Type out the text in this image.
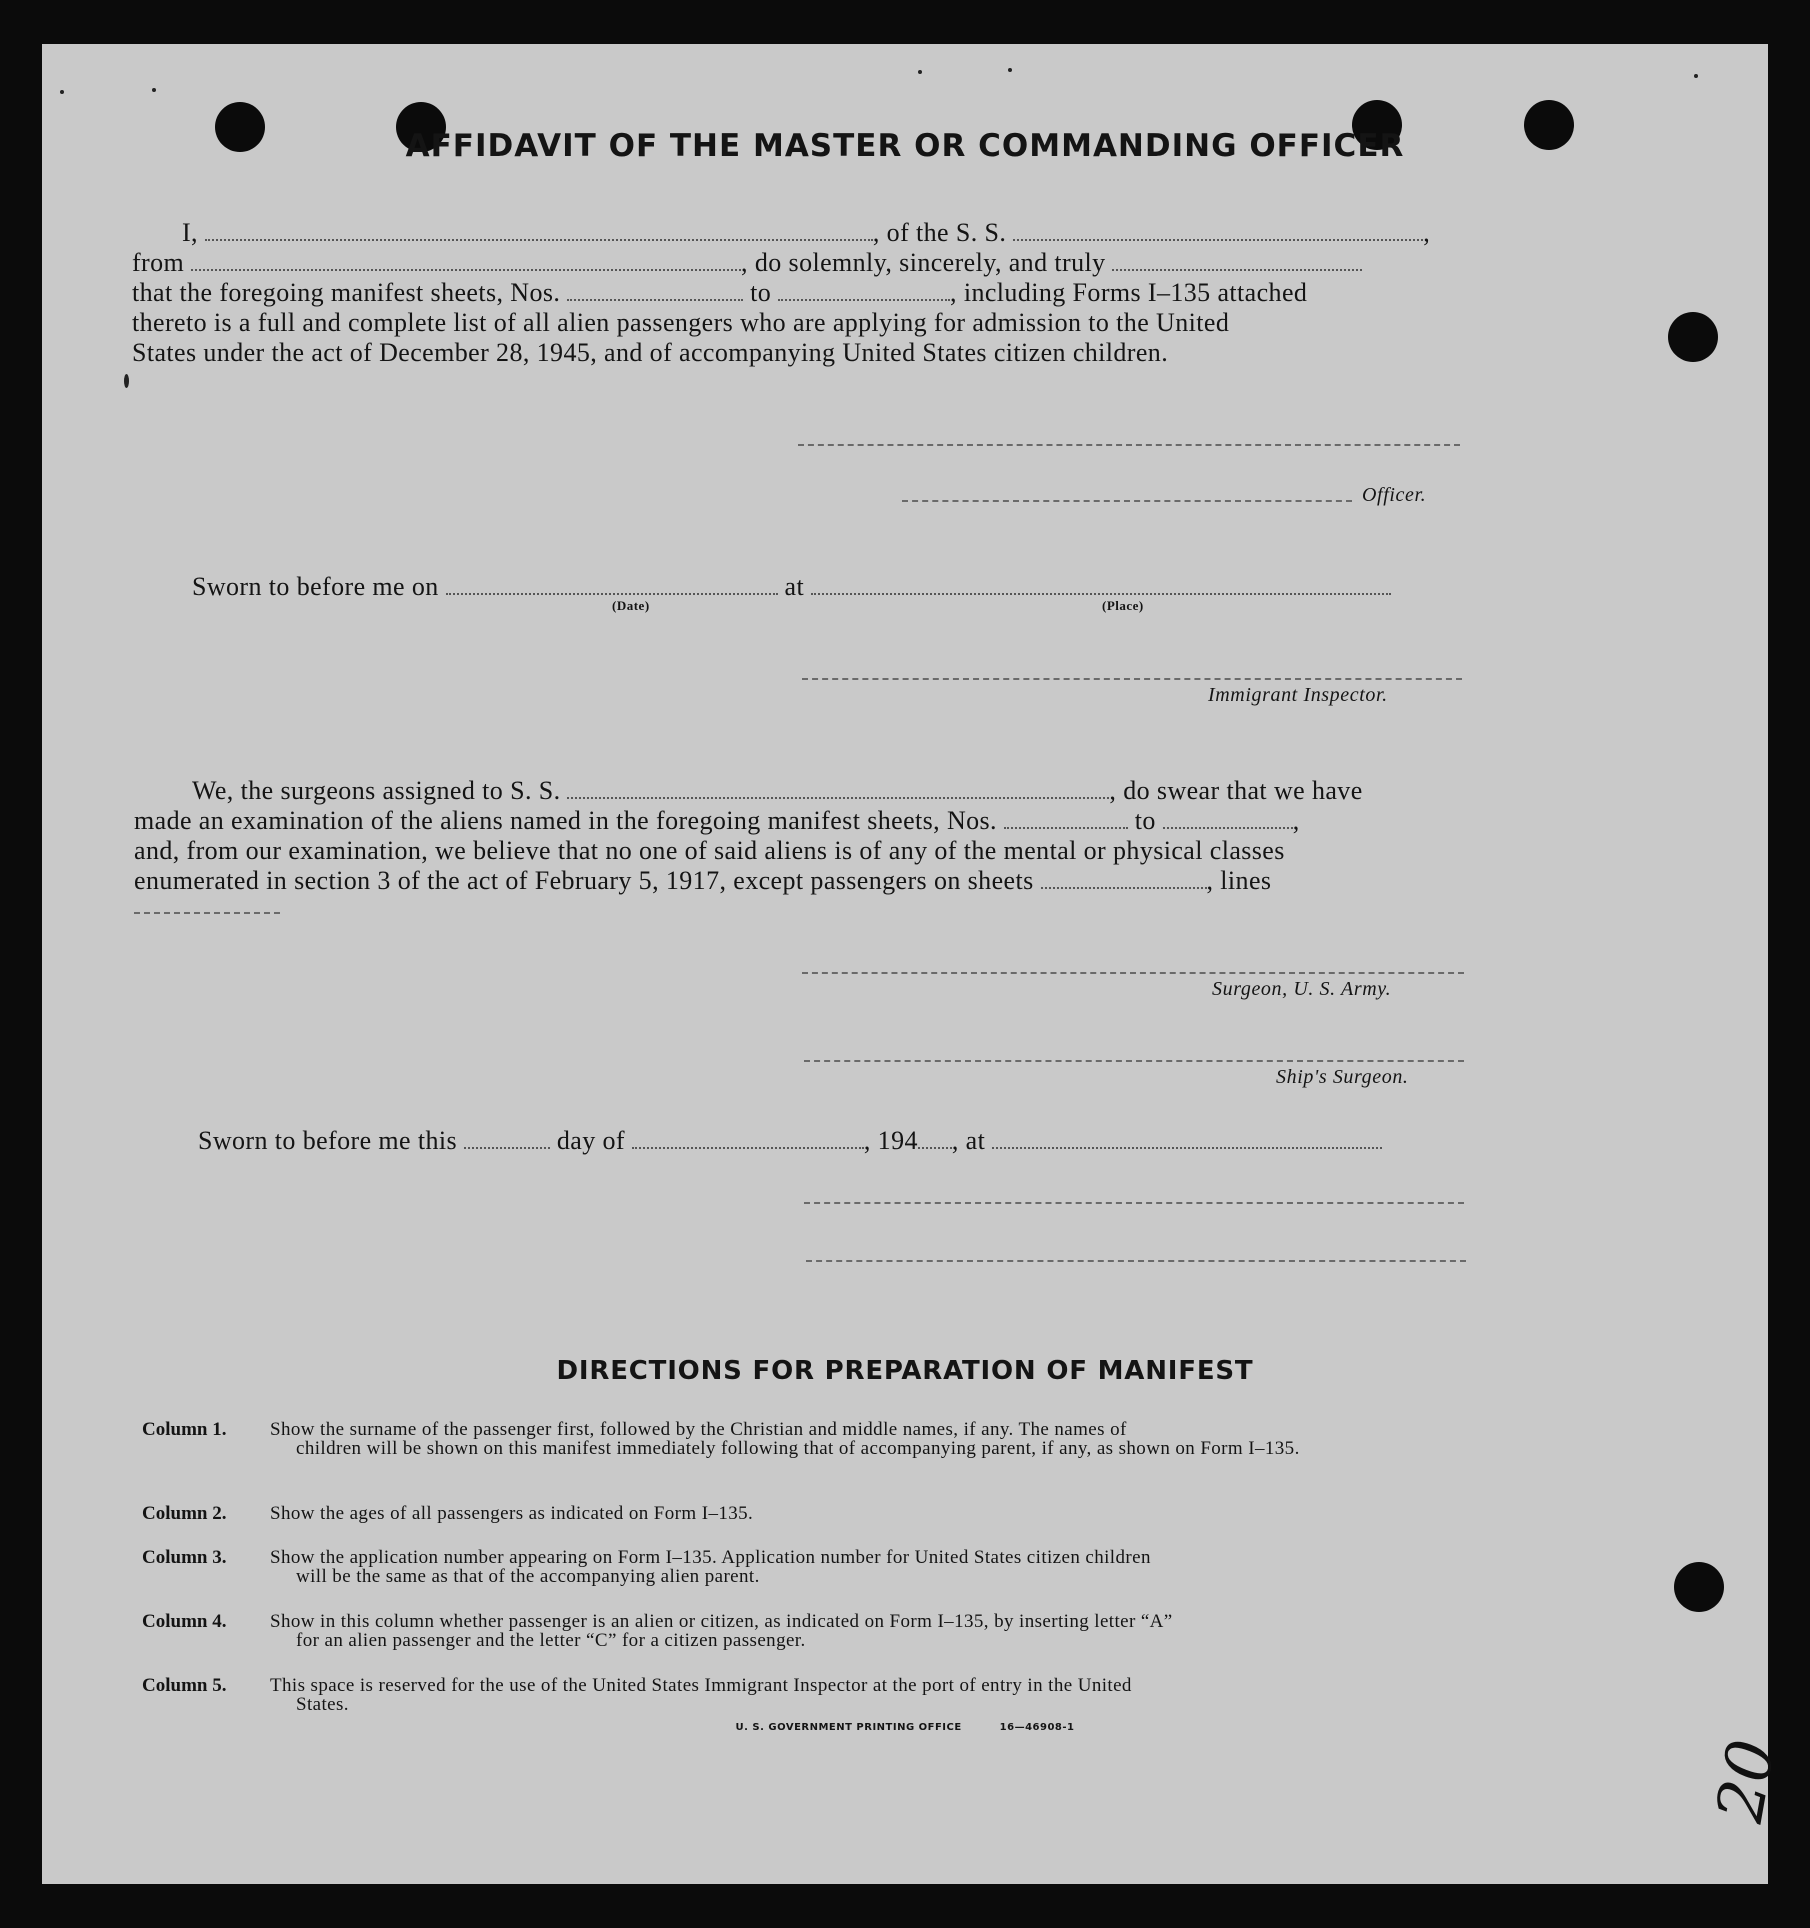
AFFIDAVIT OF THE MASTER OR COMMANDING OFFICER
I,	, of the S. S.	,
from	, do solemnly, sincerely, and truly
that the foregoing manifest sheets, Nos.	to	, including Forms I–135 attached
thereto is a full and complete list of all alien passengers who are applying for admission to the United
States under the act of December 28, 1945, and of accompanying United States citizen children.
Officer.
Sworn to before me on	at
(Date)	(Place)
Immigrant Inspector.
We, the surgeons assigned to S. S.	, do swear that we have
made an examination of the aliens named in the foregoing manifest sheets, Nos.	to	,
and, from our examination, we believe that no one of said aliens is of any of the mental or physical classes
enumerated in section 3 of the act of February 5, 1917, except passengers on sheets	, lines
Surgeon, U. S. Army.
Ship's Surgeon.
Sworn to before me this	day of	, 194 , at
DIRECTIONS FOR PREPARATION OF MANIFEST
Column 1.	Show the surname of the passenger first, followed by the Christian and middle names, if any. The names of
children will be shown on this manifest immediately following that of accompanying parent, if any, as shown on Form I–135.
Column 2.	Show the ages of all passengers as indicated on Form I–135.
Column 3.	Show the application number appearing on Form I–135. Application number for United States citizen children
will be the same as that of the accompanying alien parent.
Column 4.	Show in this column whether passenger is an alien or citizen, as indicated on Form I–135, by inserting letter “A”
for an alien passenger and the letter “C” for a citizen passenger.
Column 5.	This space is reserved for the use of the United States Immigrant Inspector at the port of entry in the United
States.
U. S. GOVERNMENT PRINTING OFFICE	16—46908-1
20
